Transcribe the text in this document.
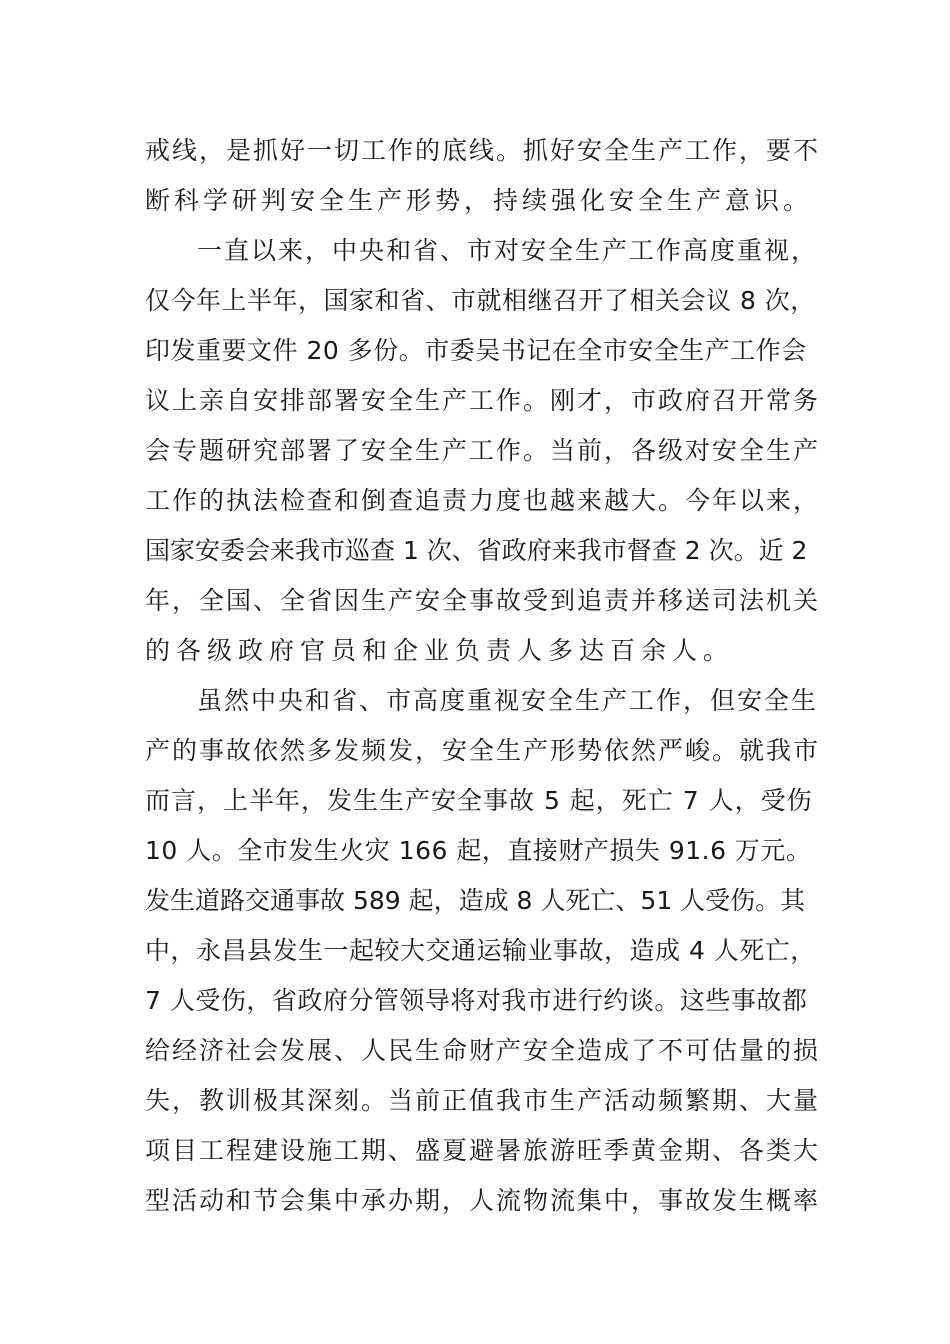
戒线，是抓好一切工作的底线。抓好安全生产工作，要不
断科学研判安全生产形势，持续强化安全生产意识。
一直以来，中央和省、市对安全生产工作高度重视，
仅今年上半年，国家和省、市就相继召开了相关会议 8 次，
印发重要文件 20 多份。市委吴书记在全市安全生产工作会
议上亲自安排部署安全生产工作。刚才，市政府召开常务
会专题研究部署了安全生产工作。当前，各级对安全生产
工作的执法检查和倒查追责力度也越来越大。今年以来，
国家安委会来我市巡查 1 次、省政府来我市督查 2 次。近 2
年，全国、全省因生产安全事故受到追责并移送司法机关
的各级政府官员和企业负责人多达百余人。
虽然中央和省、市高度重视安全生产工作，但安全生
产的事故依然多发频发，安全生产形势依然严峻。就我市
而言，上半年，发生生产安全事故 5 起，死亡 7 人，受伤
10 人。全市发生火灾 166 起，直接财产损失 91.6 万元。
发生道路交通事故 589 起，造成 8 人死亡、51 人受伤。其
中，永昌县发生一起较大交通运输业事故，造成 4 人死亡，
7 人受伤，省政府分管领导将对我市进行约谈。这些事故都
给经济社会发展、人民生命财产安全造成了不可估量的损
失，教训极其深刻。当前正值我市生产活动频繁期、大量
项目工程建设施工期、盛夏避暑旅游旺季黄金期、各类大
型活动和节会集中承办期，人流物流集中，事故发生概率
